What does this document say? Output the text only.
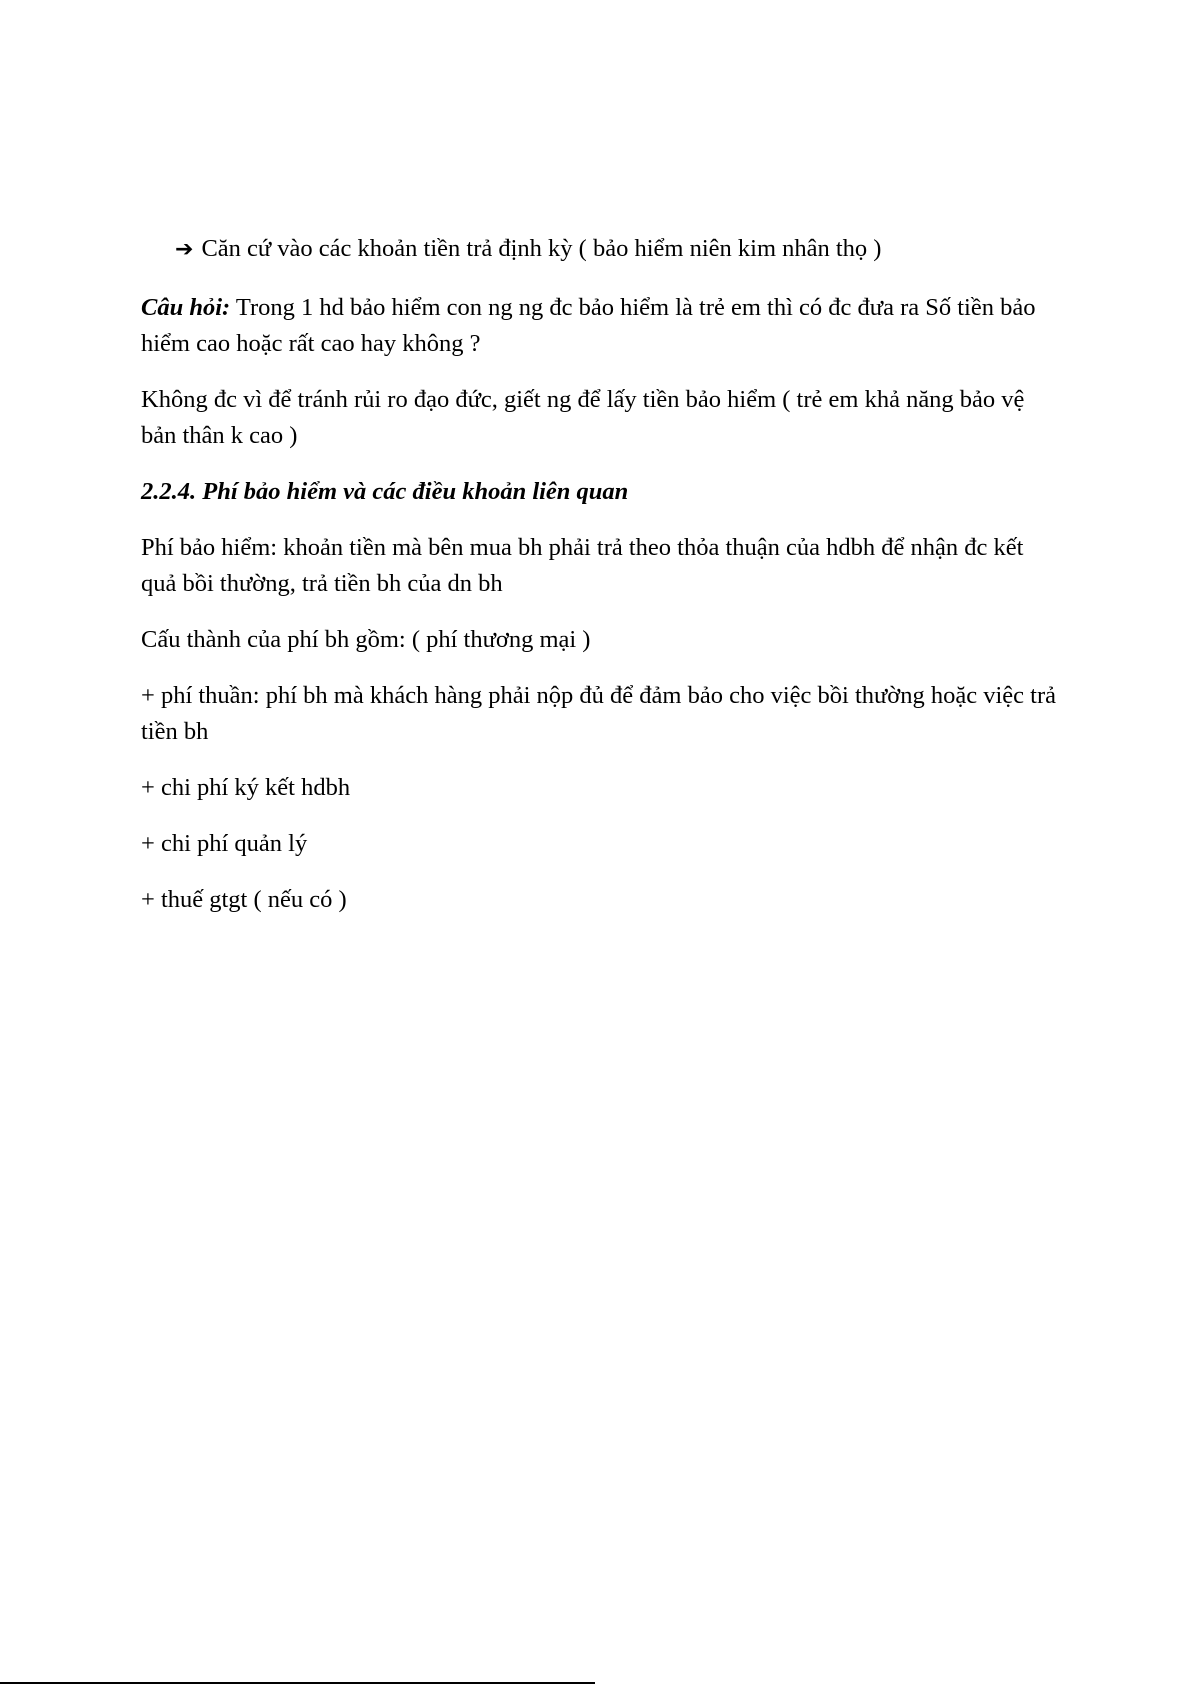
➔ Căn cứ vào các khoản tiền trả định kỳ ( bảo hiểm niên kim nhân thọ )

Câu hỏi: Trong 1 hd bảo hiểm con ng ng đc bảo hiểm là trẻ em thì có đc đưa ra Số tiền bảo hiểm cao hoặc rất cao hay không ?

Không đc vì để tránh rủi ro đạo đức, giết ng để lấy tiền bảo hiểm ( trẻ em khả năng bảo vệ bản thân k cao )

2.2.4. Phí bảo hiểm và các điều khoản liên quan

Phí bảo hiểm: khoản tiền mà bên mua bh phải trả theo thỏa thuận của hdbh để nhận đc kết quả bồi thường, trả tiền bh của dn bh

Cấu thành của phí bh gồm: ( phí thương mại )

+ phí thuần: phí bh mà khách hàng phải nộp đủ để đảm bảo cho việc bồi thường hoặc việc trả tiền bh

+ chi phí ký kết hdbh

+ chi phí quản lý

+ thuế gtgt ( nếu có )
